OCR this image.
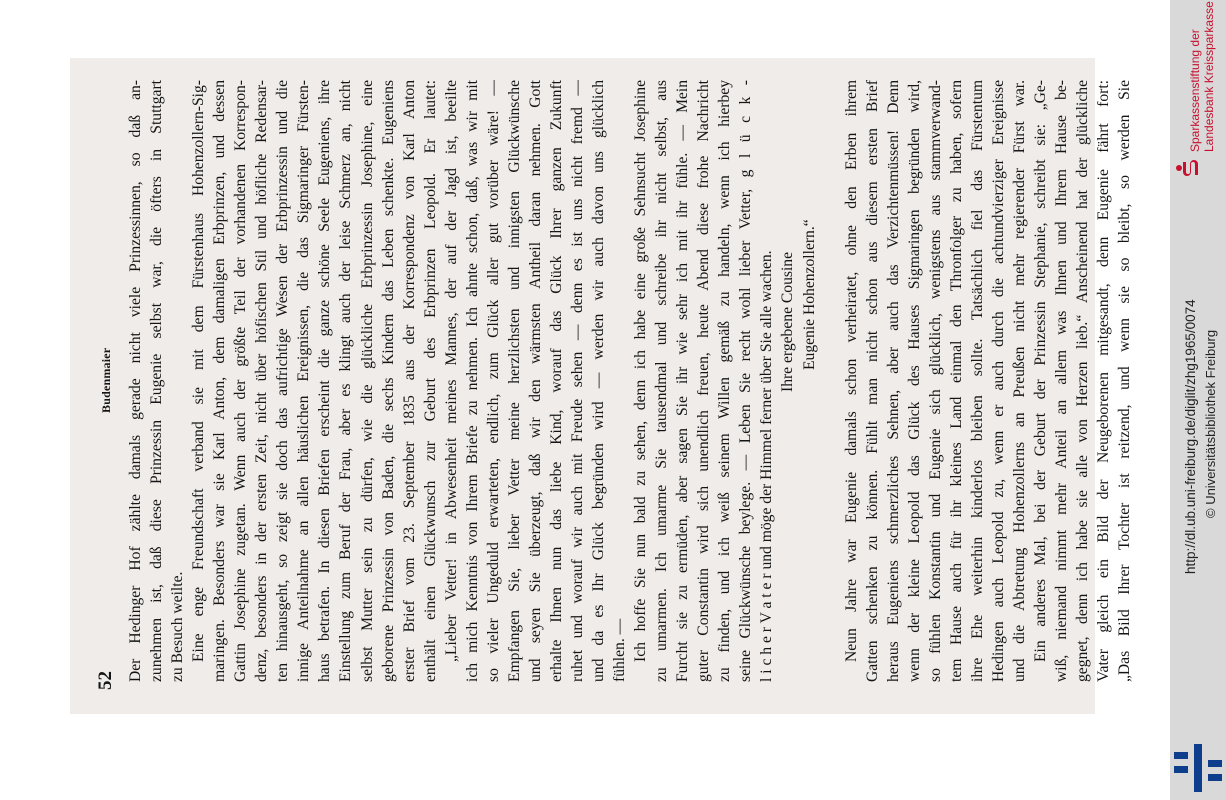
52
Budenmaier Der Hedinger Hof zählte damals gerade nicht viele Prinzessinnen, so daß an- zunehmen ist, daß diese Prinzessin Eugenie selbst war, die öfters in Stuttgart zu Besuch weilte. Eine enge Freundschaft verband sie mit dem Fürstenhaus Hohenzollern-Sig- maringen. Besonders war sie Karl Anton, dem damaligen Erbprinzen, und dessen Gattin Josephine zugetan. Wenn auch der größte Teil der vorhandenen Korrespon- denz, besonders in der ersten Zeit, nicht über höfischen Stil und höfliche Redensar- ten hinausgeht, so zeigt sie doch das aufrichtige Wesen der Erbprinzessin und die innige Anteilnahme an allen häuslichen Ereignissen, die das Sigmaringer Fürsten- haus betrafen. In diesen Briefen erscheint die ganze schöne Seele Eugeniens, ihre Einstellung zum Beruf der Frau, aber es klingt auch der leise Schmerz an, nicht selbst Mutter sein zu dürfen, wie die glückliche Erbprinzessin Josephine, eine geborene Prinzessin von Baden, die sechs Kindern das Leben schenkte. Eugeniens erster Brief vom 23. September 1835 aus der Korrespondenz von Karl Anton enthält einen Glückwunsch zur Geburt des Erbprinzen Leopold. Er lautet: „Lieber Vetter! in Abwesenheit meines Mannes, der auf der Jagd ist, beeilte ich mich Kenntnis von Ihrem Briefe zu nehmen. Ich ahnte schon, daß, was wir mit so vieler Ungeduld erwarteten, endlich, zum Glück aller gut vorüber wäre! — Empfangen Sie, lieber Vetter meine herzlichsten und innigsten Glückwünsche und seyen Sie überzeugt, daß wir den wärmsten Antheil daran nehmen. Gott erhalte Ihnen nun das liebe Kind, worauf das Glück Ihrer ganzen Zukunft ruhet und worauf wir auch mit Freude sehen — denn es ist uns nicht fremd — und da es Ihr Glück begründen wird — werden wir auch davon uns glücklich fühlen. — Ich hoffe Sie nun bald zu sehen, denn ich habe eine große Sehnsucht Josephine zu umarmen. Ich umarme Sie tausendmal und schreibe ihr nicht selbst, aus Furcht sie zu ermüden, aber sagen Sie ihr wie sehr ich mit ihr fühle. — Mein guter Constantin wird sich unendlich freuen, heute Abend diese frohe Nachricht zu finden, und ich weiß seinem Willen gemäß zu handeln, wenn ich hierbey seine Glückwünsche beylege. — Leben Sie recht wohl lieber Vetter, g l ü c k - l i c h e r V a t e r und möge der Himmel ferner über Sie alle wachen. Ihre ergebene Cousine Eugenie Hohenzollern.“ Neun Jahre war Eugenie damals schon verheiratet, ohne den Erben ihrem Gatten schenken zu können. Fühlt man nicht schon aus diesem ersten Brief heraus Eugeniens schmerzliches Sehnen, aber auch das Verzichtenmüssen! Denn wenn der kleine Leopold das Glück des Hauses Sigmaringen begründen wird, so fühlen Konstantin und Eugenie sich glücklich, wenigstens aus stammverwand- tem Hause auch für ihr kleines Land einmal den Thronfolger zu haben, sofern ihre Ehe weiterhin kinderlos bleiben sollte. Tatsächlich fiel das Fürstentum Hedingen auch Leopold zu, wenn er auch durch die achtundvierziger Ereignisse und die Abtretung Hohenzollerns an Preußen nicht mehr regierender Fürst war. Ein anderes Mal, bei der Geburt der Prinzessin Stephanie, schreibt sie: „Ge- wiß, niemand nimmt mehr Anteil an allem was Ihnen und Ihrem Hause be- gegnet, denn ich habe sie alle von Herzen lieb.“ Anscheinend hat der glückliche Vater gleich ein Bild der Neugeborenen mitgesandt, denn Eugenie fährt fort: „Das Bild Ihrer Tochter ist reitzend, und wenn sie so bleibt, so werden Sie	http://dl.ub.uni-freiburg.de/diglit/zhg1965/0074 © Universitätsbibliothek Freiburg
Sparkassenstiftung der Landesbank Kreissparkasse
